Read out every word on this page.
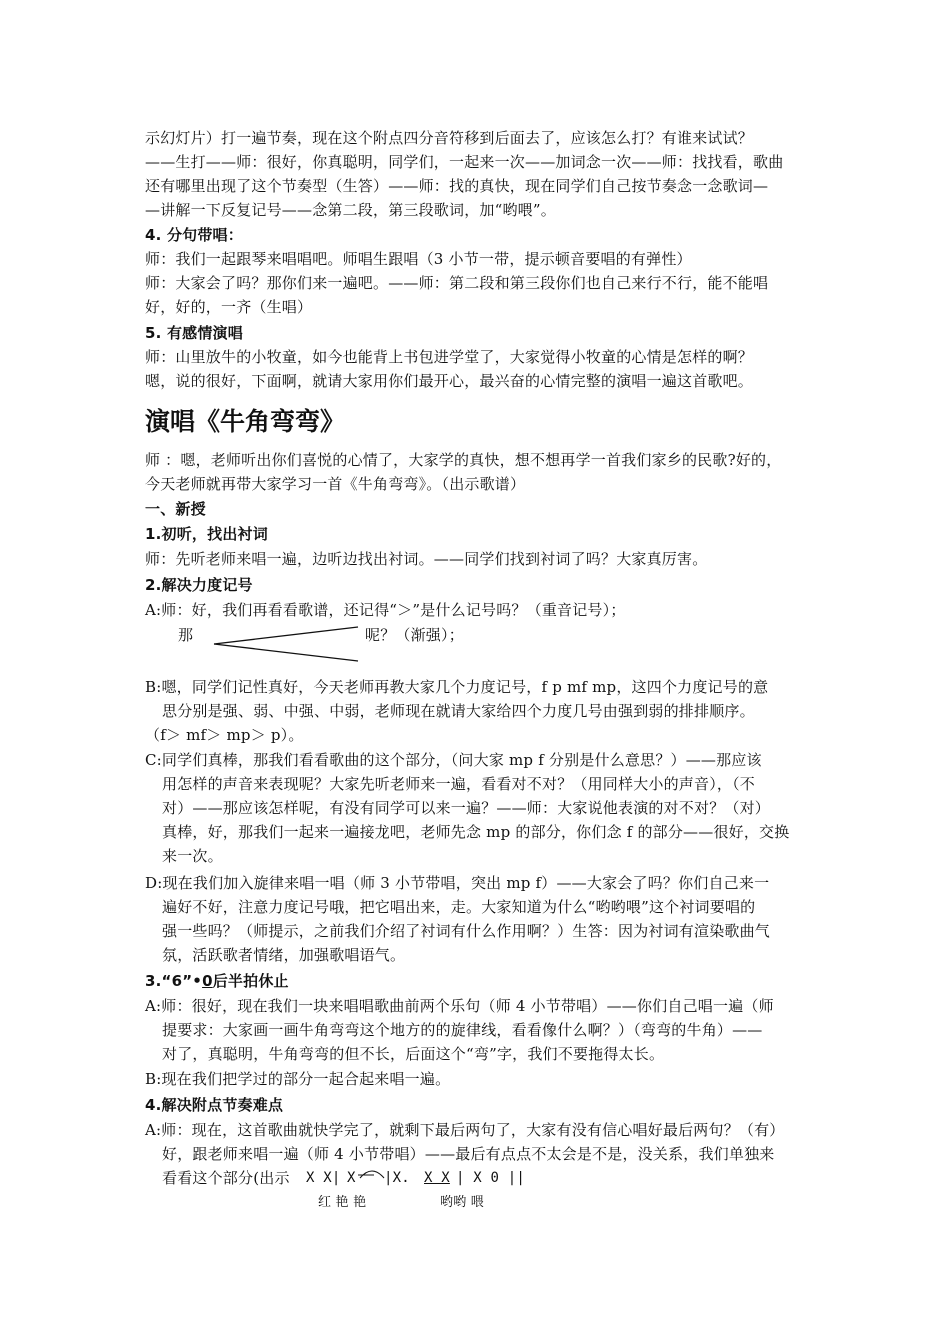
示幻灯片）打一遍节奏，现在这个附点四分音符移到后面去了，应该怎么打？有谁来试试？
——生打——师：很好，你真聪明，同学们，一起来一次——加词念一次——师：找找看，歌曲
还有哪里出现了这个节奏型（生答）——师：找的真快，现在同学们自己按节奏念一念歌词—
—讲解一下反复记号——念第二段，第三段歌词，加“哟喂”。
4. 分句带唱：
师：我们一起跟琴来唱唱吧。师唱生跟唱（3 小节一带，提示顿音要唱的有弹性）
师：大家会了吗？那你们来一遍吧。——师：第二段和第三段你们也自己来行不行，能不能唱
好，好的，一齐（生唱）
5. 有感情演唱
师：山里放牛的小牧童，如今也能背上书包进学堂了，大家觉得小牧童的心情是怎样的啊？
嗯，说的很好，下面啊，就请大家用你们最开心，最兴奋的心情完整的演唱一遍这首歌吧。
演唱《牛角弯弯》
师 ：嗯，老师听出你们喜悦的心情了，大家学的真快，想不想再学一首我们家乡的民歌?好的，
今天老师就再带大家学习一首《牛角弯弯》。（出示歌谱）
一、新授
1.初听，找出衬词
师：先听老师来唱一遍，边听边找出衬词。——同学们找到衬词了吗？大家真厉害。
2.解决力度记号
A:师：好，我们再看看歌谱，还记得“＞”是什么记号吗？（重音记号）；
那	呢？（渐强）；
B:嗯，同学们记性真好，今天老师再教大家几个力度记号，f p mf mp，这四个力度记号的意
思分别是强、弱、中强、中弱，老师现在就请大家给四个力度几号由强到弱的排排顺序。
（f＞ mf＞ mp＞ p）。
C:同学们真棒，那我们看看歌曲的这个部分，（问大家 mp f 分别是什么意思？）——那应该
用怎样的声音来表现呢？大家先听老师来一遍，看看对不对？（用同样大小的声音），（不
对）——那应该怎样呢，有没有同学可以来一遍？——师：大家说他表演的对不对？（对）
真棒，好，那我们一起来一遍接龙吧，老师先念 mp 的部分，你们念 f 的部分——很好，交换
来一次。
D:现在我们加入旋律来唱一唱（师 3 小节带唱，突出 mp f）——大家会了吗？你们自己来一
遍好不好，注意力度记号哦，把它唱出来，走。大家知道为什么“哟哟喂”这个衬词要唱的
强一些吗？（师提示，之前我们介绍了衬词有什么作用啊？）生答：因为衬词有渲染歌曲气
氛，活跃歌者情绪，加强歌唱语气。
3.“6”•0后半拍休止
A:师：很好，现在我们一块来唱唱歌曲前两个乐句（师 4 小节带唱）——你们自己唱一遍（师
提要求：大家画一画牛角弯弯这个地方的的旋律线，看看像什么啊？）（弯弯的牛角）——
对了，真聪明，牛角弯弯的但不长，后面这个“弯”字，我们不要拖得太长。
B:现在我们把学过的部分一起合起来唱一遍。
4.解决附点节奏难点
A:师：现在，这首歌曲就快学完了，就剩下最后两句了，大家有没有信心唱好最后两句？（有）
好，跟老师来唱一遍（师 4 小节带唱）——最后有点点不太会是不是，没关系，我们单独来
看看这个部分(出示 X X| X |X. X X | X 0 ||
红 艳 艳	哟哟 喂
